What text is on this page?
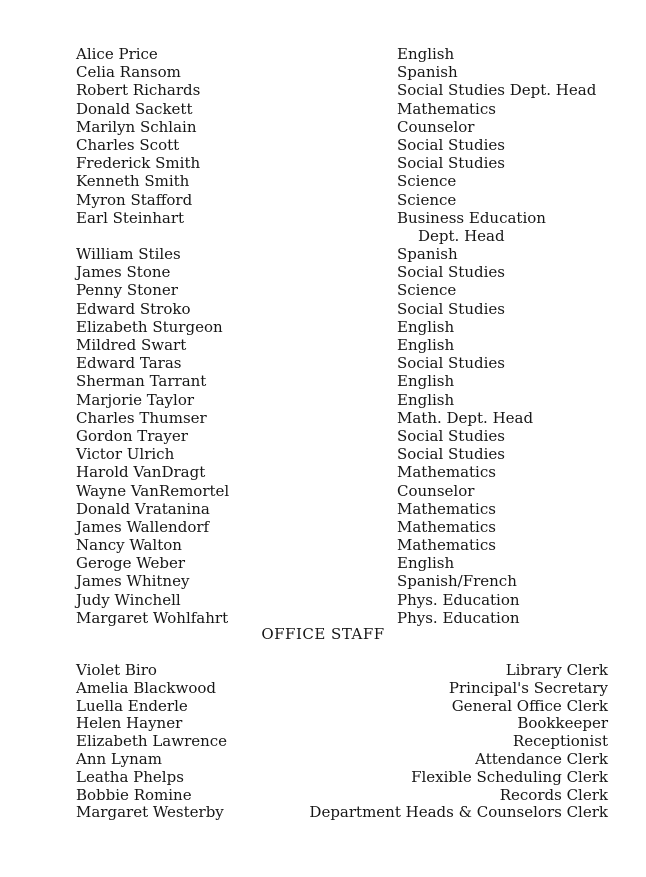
Alice Price	English
Celia Ransom	Spanish
Robert Richards	Social Studies Dept. Head
Donald Sackett	Mathematics
Marilyn Schlain	Counselor
Charles Scott	Social Studies
Frederick Smith	Social Studies
Kenneth Smith	Science
Myron Stafford	Science
Earl Steinhart	Business Education
Dept. Head
William Stiles	Spanish
James Stone	Social Studies
Penny Stoner	Science
Edward Stroko	Social Studies
Elizabeth Sturgeon	English
Mildred Swart	English
Edward Taras	Social Studies
Sherman Tarrant	English
Marjorie Taylor	English
Charles Thumser	Math. Dept. Head
Gordon Trayer	Social Studies
Victor Ulrich	Social Studies
Harold VanDragt	Mathematics
Wayne VanRemortel	Counselor
Donald Vratanina	Mathematics
James Wallendorf	Mathematics
Nancy Walton	Mathematics
Geroge Weber	English
James Whitney	Spanish/French
Judy Winchell	Phys. Education
Margaret Wohlfahrt	Phys. Education
OFFICE STAFF
Violet Biro	Library Clerk
Amelia Blackwood	Principal's Secretary
Luella Enderle	General Office Clerk
Helen Hayner	Bookkeeper
Elizabeth Lawrence	Receptionist
Ann Lynam	Attendance Clerk
Leatha Phelps	Flexible Scheduling Clerk
Bobbie Romine	Records Clerk
Margaret Westerby	Department Heads & Counselors Clerk
